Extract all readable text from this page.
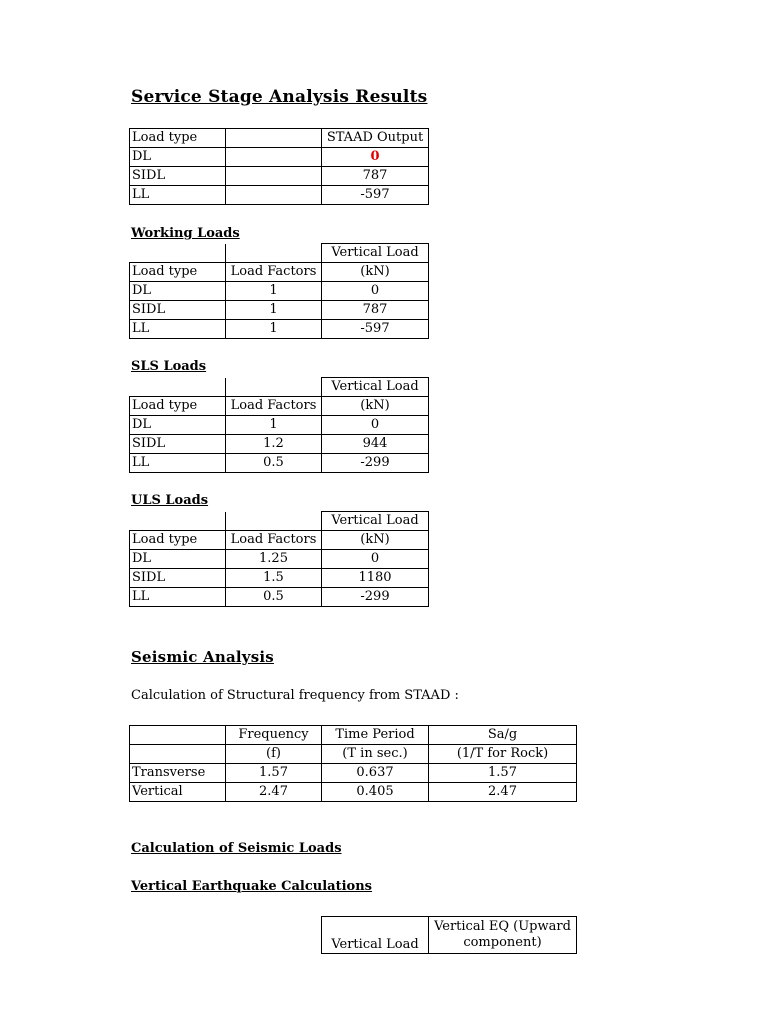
Service Stage Analysis Results
Load type		STAAD Output
DL		0
SIDL		787
LL		-597
Working Loads
		Vertical Load
Load type	Load Factors	(kN)
DL	1	0
SIDL	1	787
LL	1	-597
SLS Loads
		Vertical Load
Load type	Load Factors	(kN)
DL	1	0
SIDL	1.2	944
LL	0.5	-299
ULS Loads
		Vertical Load
Load type	Load Factors	(kN)
DL	1.25	0
SIDL	1.5	1180
LL	0.5	-299
Seismic Analysis
Calculation of Structural frequency from STAAD :
	Frequency	Time Period	Sa/g
	(f)	(T in sec.)	(1/T for Rock)
Transverse	1.57	0.637	1.57
Vertical	2.47	0.405	2.47
Calculation of Seismic Loads
Vertical Earthquake Calculations
Vertical Load	Vertical EQ (Upward component)
